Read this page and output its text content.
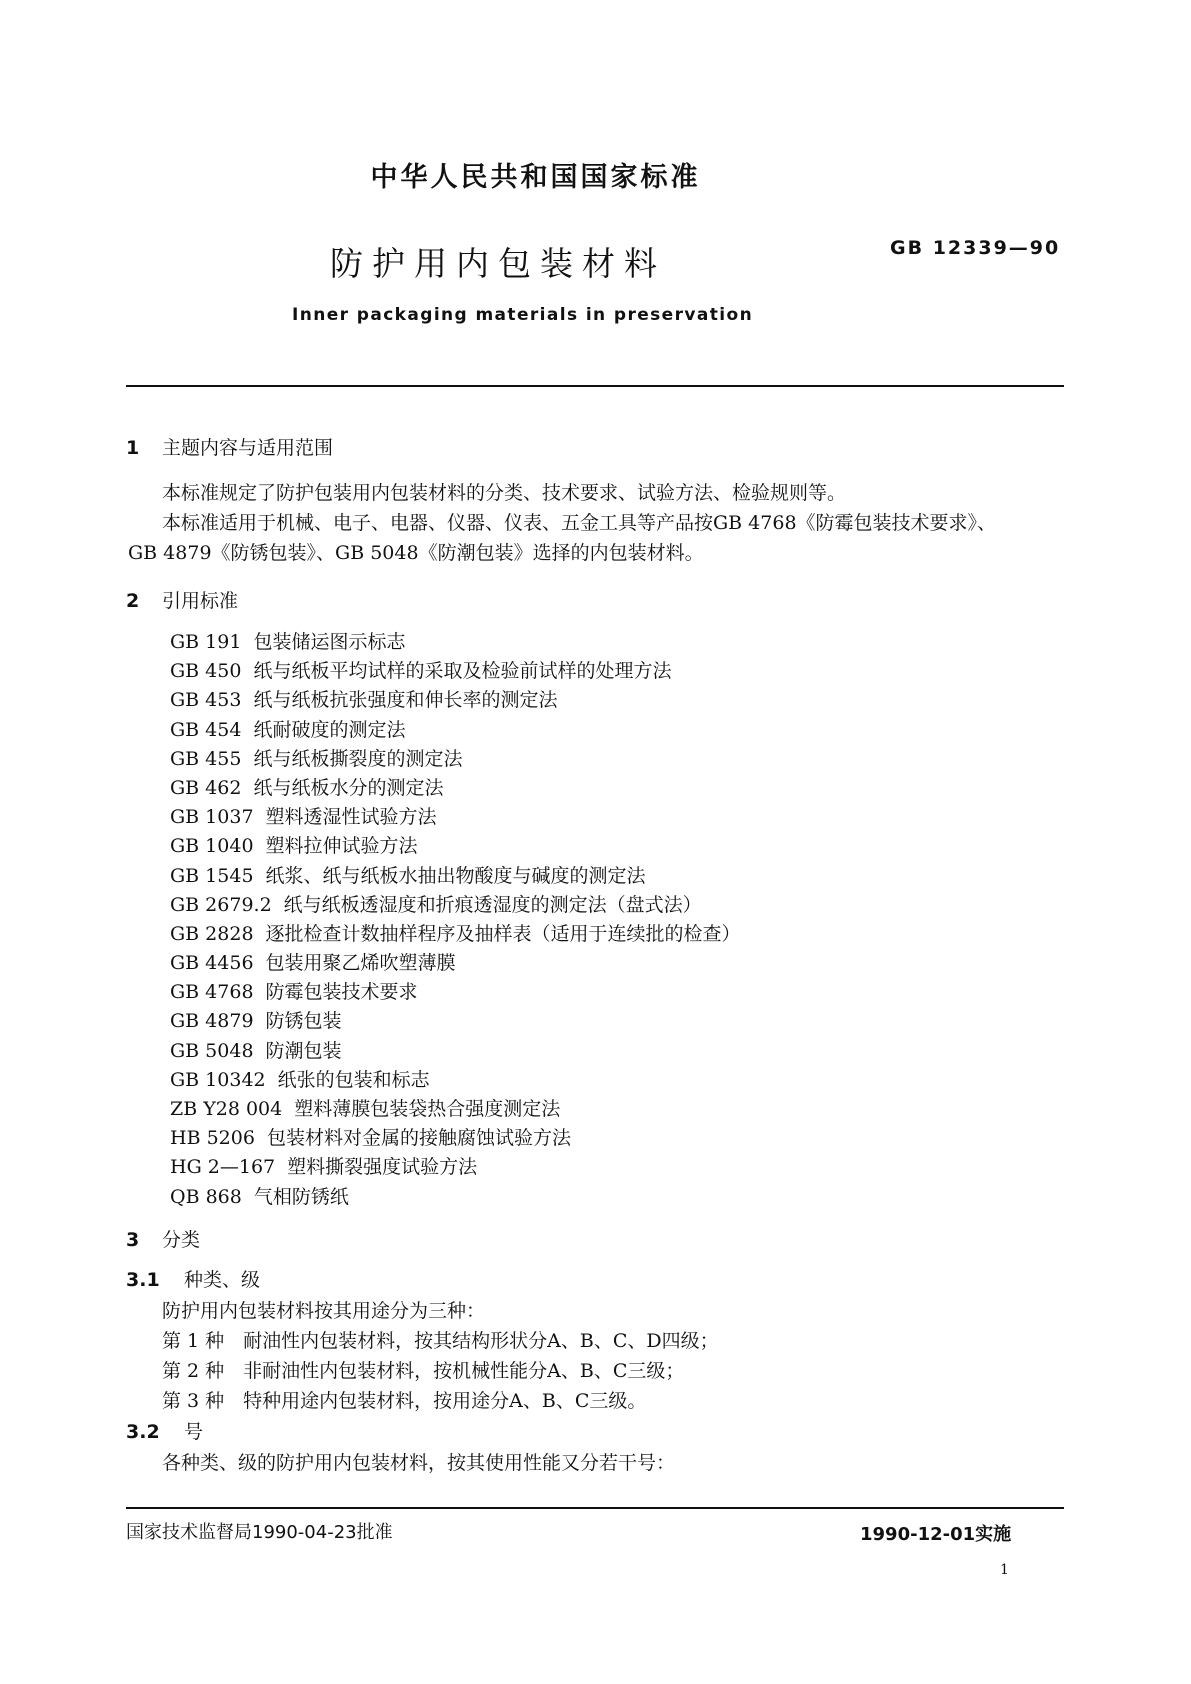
中华人民共和国国家标准
防护用内包装材料	GB 12339—90
Inner packaging materials in preservation
1 主题内容与适用范围
本标准规定了防护包装用内包装材料的分类、技术要求、试验方法、检验规则等。
本标准适用于机械、电子、电器、仪器、仪表、五金工具等产品按GB 4768《防霉包装技术要求》、
GB 4879《防锈包装》、GB 5048《防潮包装》选择的内包装材料。
2 引用标准
GB 191 包装储运图示标志
GB 450 纸与纸板平均试样的采取及检验前试样的处理方法
GB 453 纸与纸板抗张强度和伸长率的测定法
GB 454 纸耐破度的测定法
GB 455 纸与纸板撕裂度的测定法
GB 462 纸与纸板水分的测定法
GB 1037 塑料透湿性试验方法
GB 1040 塑料拉伸试验方法
GB 1545 纸浆、纸与纸板水抽出物酸度与碱度的测定法
GB 2679.2 纸与纸板透湿度和折痕透湿度的测定法（盘式法）
GB 2828 逐批检查计数抽样程序及抽样表（适用于连续批的检查）
GB 4456 包装用聚乙烯吹塑薄膜
GB 4768 防霉包装技术要求
GB 4879 防锈包装
GB 5048 防潮包装
GB 10342 纸张的包装和标志
ZB Y28 004 塑料薄膜包装袋热合强度测定法
HB 5206 包装材料对金属的接触腐蚀试验方法
HG 2—167 塑料撕裂强度试验方法
QB 868 气相防锈纸
3 分类
3.1 种类、级
防护用内包装材料按其用途分为三种：
第 1 种　耐油性内包装材料，按其结构形状分A、B、C、D四级；
第 2 种　非耐油性内包装材料，按机械性能分A、B、C三级；
第 3 种　特种用途内包装材料，按用途分A、B、C三级。
3.2 号
各种类、级的防护用内包装材料，按其使用性能又分若干号：
国家技术监督局1990-04-23批准	1990-12-01实施
1
